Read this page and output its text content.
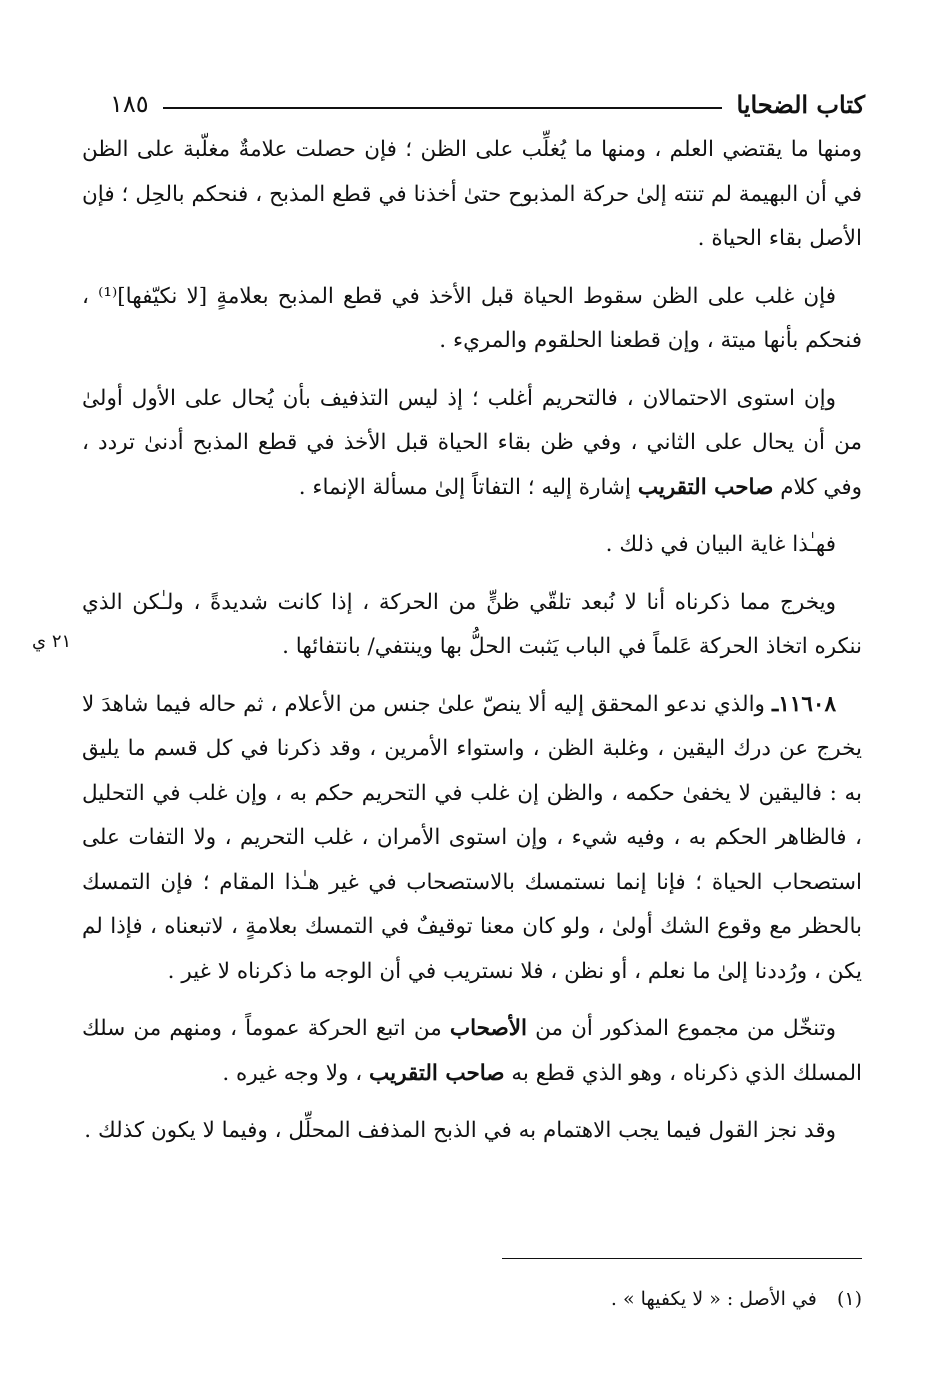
كتاب الضحايا
١٨٥
٢١ ي

ومنها ما يقتضي العلم ، ومنها ما يُغلِّب على الظن ؛ فإن حصلت علامةٌ مغلّبة على الظن في أن البهيمة لم تنته إلىٰ حركة المذبوح حتىٰ أخذنا في قطع المذبح ، فنحكم بالحِل ؛ فإن الأصل بقاء الحياة .

فإن غلب على الظن سقوط الحياة قبل الأخذ في قطع المذبح بعلامةٍ [لا نكيّفها]⁽¹⁾ ، فنحكم بأنها ميتة ، وإن قطعنا الحلقوم والمريء .

وإن استوى الاحتمالان ، فالتحريم أغلب ؛ إذ ليس التذفيف بأن يُحال على الأول أولىٰ من أن يحال على الثاني ، وفي ظن بقاء الحياة قبل الأخذ في قطع المذبح أدنىٰ تردد ، وفي كلام صاحب التقريب إشارة إليه ؛ التفاتاً إلىٰ مسألة الإنماء .

فهـٰذا غاية البيان في ذلك .

ويخرج مما ذكرناه أنا لا نُبعد تلقّي ظنٍّ من الحركة ، إذا كانت شديدةً ، ولـٰكن الذي ننكره اتخاذ الحركة عَلماً في الباب يَثبت الحلُّ بها وينتفي/ بانتفائها .

١١٦٠٨ـ والذي ندعو المحقق إليه ألا ينصّ علىٰ جنس من الأعلام ، ثم حاله فيما شاهدَ لا يخرج عن درك اليقين ، وغلبة الظن ، واستواء الأمرين ، وقد ذكرنا في كل قسم ما يليق به : فاليقين لا يخفىٰ حكمه ، والظن إن غلب في التحريم حكم به ، وإن غلب في التحليل ، فالظاهر الحكم به ، وفيه شيء ، وإن استوى الأمران ، غلب التحريم ، ولا التفات على استصحاب الحياة ؛ فإنا إنما نستمسك بالاستصحاب في غير هـٰذا المقام ؛ فإن التمسك بالحظر مع وقوع الشك أولىٰ ، ولو كان معنا توقيفٌ في التمسك بعلامةٍ ، لاتبعناه ، فإذا لم يكن ، ورُددنا إلىٰ ما نعلم ، أو نظن ، فلا نستريب في أن الوجه ما ذكرناه لا غير .

وتنخّل من مجموع المذكور أن من الأصحاب من اتبع الحركة عموماً ، ومنهم من سلك المسلك الذي ذكرناه ، وهو الذي قطع به صاحب التقريب ، ولا وجه غيره .

وقد نجز القول فيما يجب الاهتمام به في الذبح المذفف المحلِّل ، وفيما لا يكون كذلك .

(١) في الأصل : « لا يكفيها » .
